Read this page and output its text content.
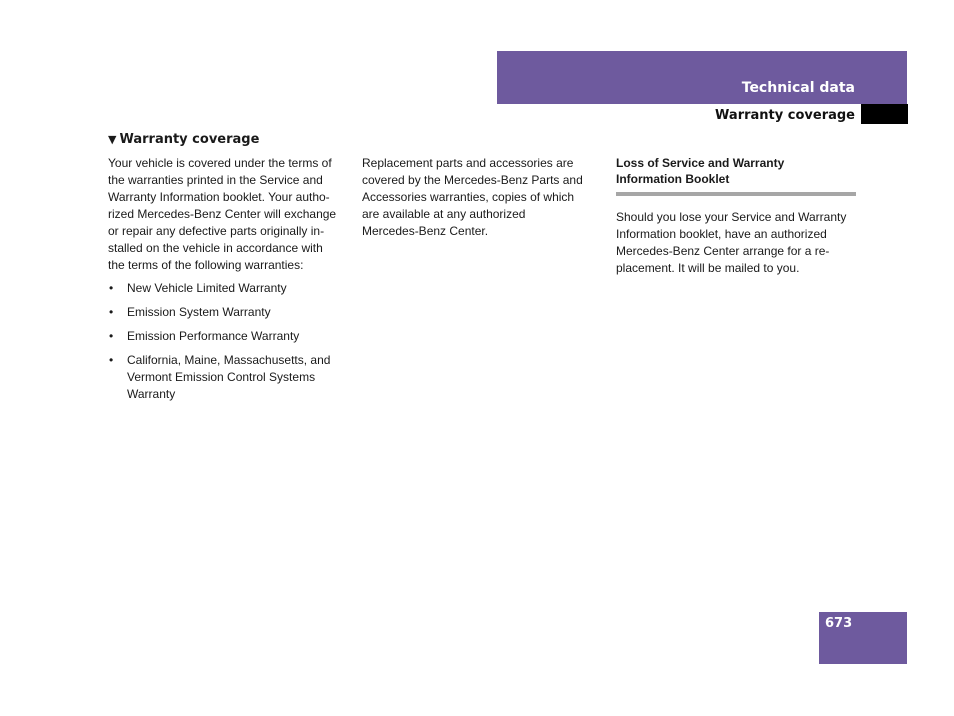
Technical data
Warranty coverage
▼ Warranty coverage

Your vehicle is covered under the terms of
the warranties printed in the Service and
Warranty Information booklet. Your autho-
rized Mercedes-Benz Center will exchange
or repair any defective parts originally in-
stalled on the vehicle in accordance with
the terms of the following warranties:

• New Vehicle Limited Warranty
• Emission System Warranty
• Emission Performance Warranty
• California, Maine, Massachusetts, and
Vermont Emission Control Systems
Warranty

Replacement parts and accessories are
covered by the Mercedes-Benz Parts and
Accessories warranties, copies of which
are available at any authorized
Mercedes-Benz Center.

Loss of Service and Warranty
Information Booklet

Should you lose your Service and Warranty
Information booklet, have an authorized
Mercedes-Benz Center arrange for a re-
placement. It will be mailed to you.

673
